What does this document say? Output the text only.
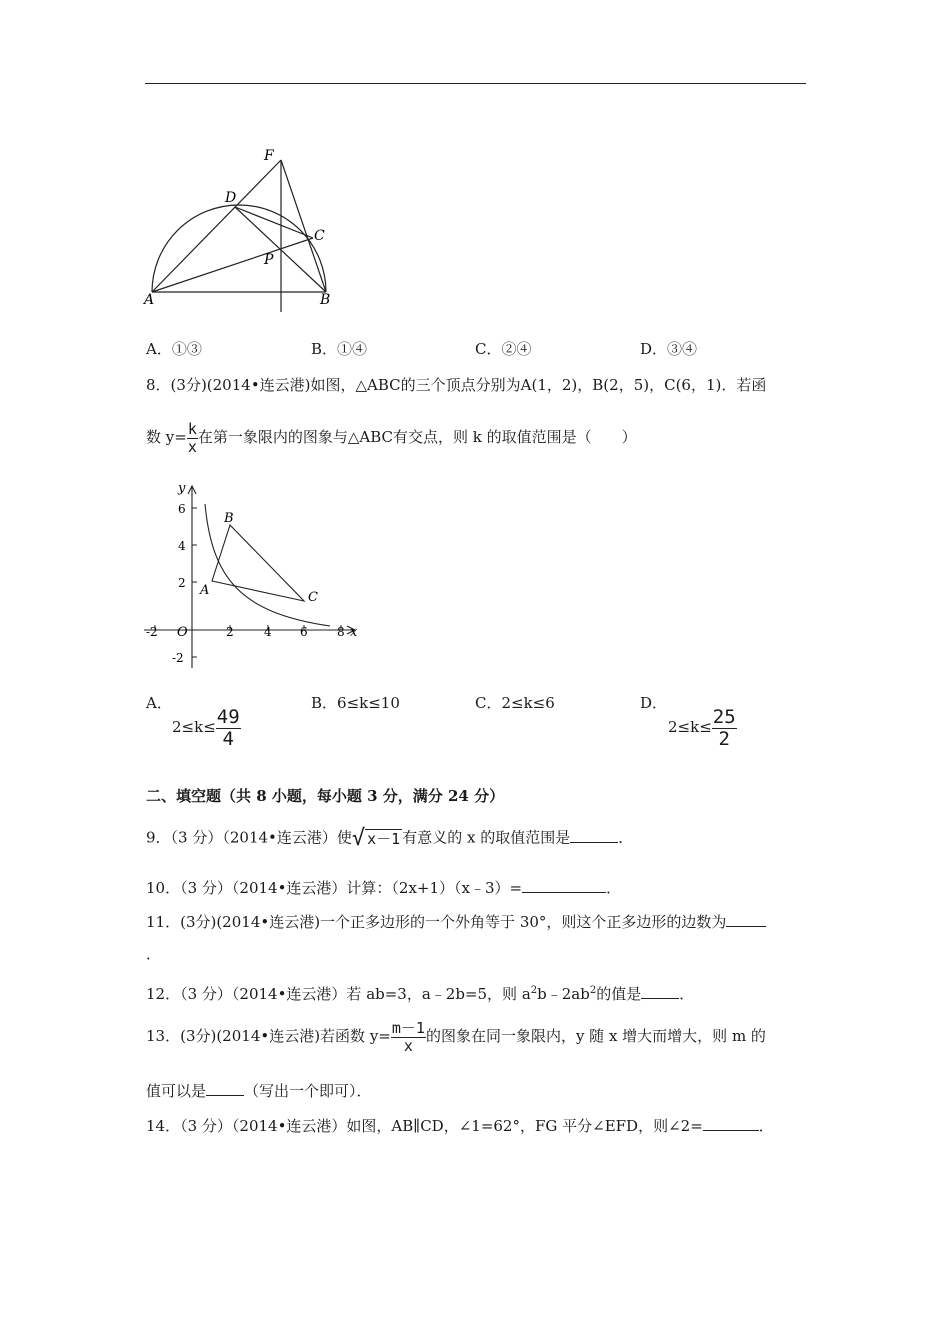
F
D
C
P
A	B
A．①③	B．①④	C．②④	D．③④
8．(3分)(2014•连云港)如图，△ABC的三个顶点分别为A(1，2)，B(2，5)，C(6，1)．若函
数 $y= \frac{k}{x}$ 在第一象限内的图象与△ABC有交点，则 k 的取值范围是（　　）
y
x
O
6
4
2
-2
-2	2	4 6 8
A
B
C
A．
$2\le k\le \frac{49}{4}$
B．6≤k≤10	C．2≤k≤6	D．
$2\le k\le \frac{25}{2}$
二、填空题（共 8 小题，每小题 3 分，满分 24 分）
9．（3 分）（2014•连云港）使√ x－1 有意义的 x 的取值范围是	．
10．（3 分）（2014•连云港）计算：（2x+1）（x﹣3）=	．
11．(3分)(2014•连云港)一个正多边形的一个外角等于 30°，则这个正多边形的边数为
．
12．（3 分）（2014•连云港）若 ab=3，a﹣2b=5，则 $a^2b﹣2ab^2$的值是	．
13．(3分)(2014•连云港)若函数 $y= \frac{m-1}{x}$ 的图象在同一象限内，y 随 x 增大而增大，则 m 的
值可以是	（写出一个即可）．
14．（3 分）（2014•连云港）如图，AB∥CD，∠1=62°，FG 平分∠EFD，则∠2=	．
